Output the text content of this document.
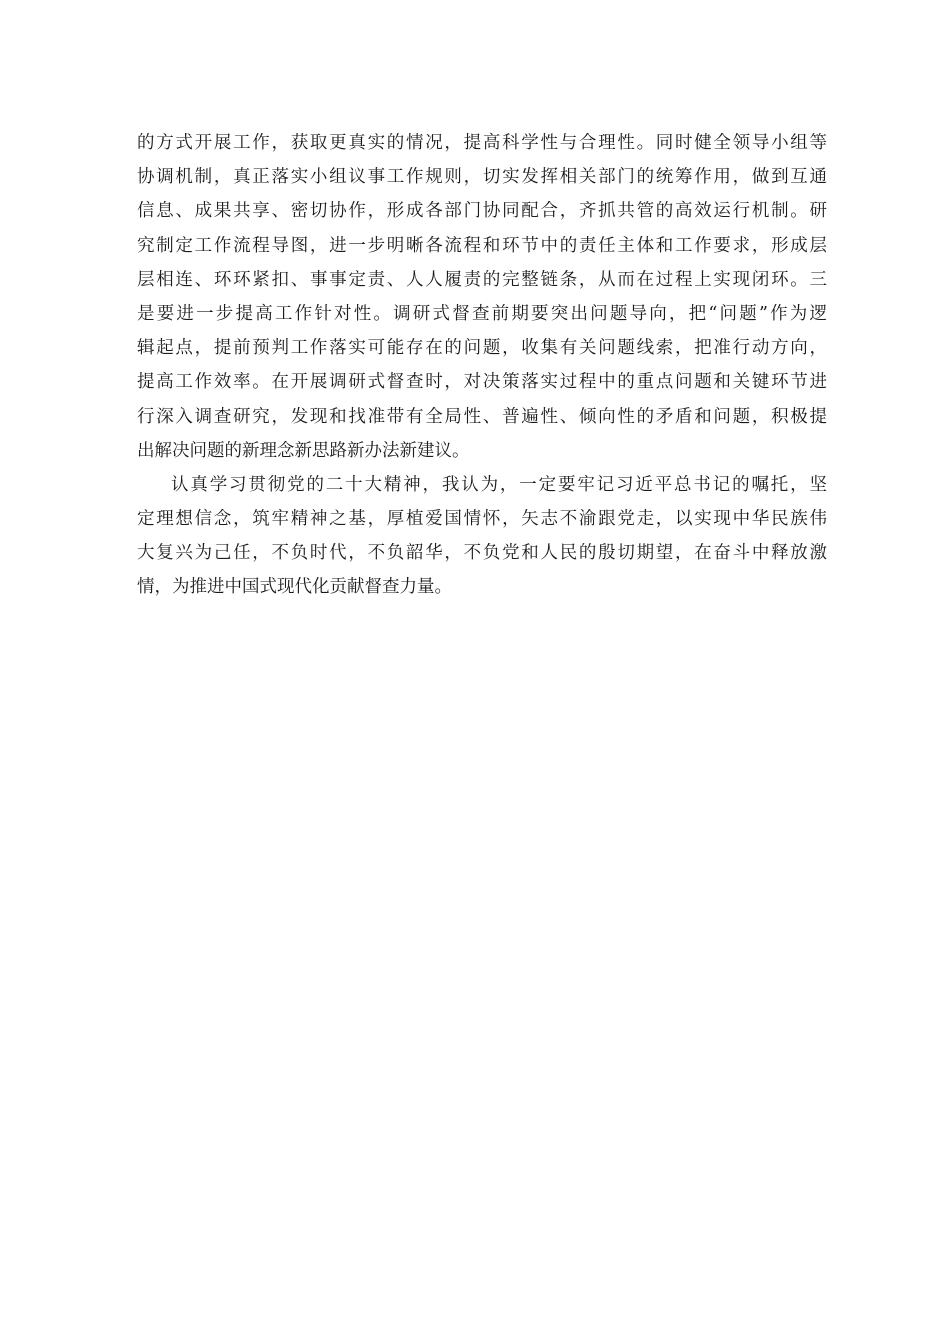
的方式开展工作，获取更真实的情况，提高科学性与合理性。同时健全领导小组等
协调机制，真正落实小组议事工作规则，切实发挥相关部门的统筹作用，做到互通
信息、成果共享、密切协作，形成各部门协同配合，齐抓共管的高效运行机制。研
究制定工作流程导图，进一步明晰各流程和环节中的责任主体和工作要求，形成层
层相连、环环紧扣、事事定责、人人履责的完整链条，从而在过程上实现闭环。三
是要进一步提高工作针对性。调研式督查前期要突出问题导向，把“问题”作为逻
辑起点，提前预判工作落实可能存在的问题，收集有关问题线索，把准行动方向，
提高工作效率。在开展调研式督查时，对决策落实过程中的重点问题和关键环节进
行深入调查研究，发现和找准带有全局性、普遍性、倾向性的矛盾和问题，积极提
出解决问题的新理念新思路新办法新建议。
认真学习贯彻党的二十大精神，我认为，一定要牢记习近平总书记的嘱托，坚
定理想信念，筑牢精神之基，厚植爱国情怀，矢志不渝跟党走，以实现中华民族伟
大复兴为己任，不负时代，不负韶华，不负党和人民的殷切期望，在奋斗中释放激
情，为推进中国式现代化贡献督查力量。
